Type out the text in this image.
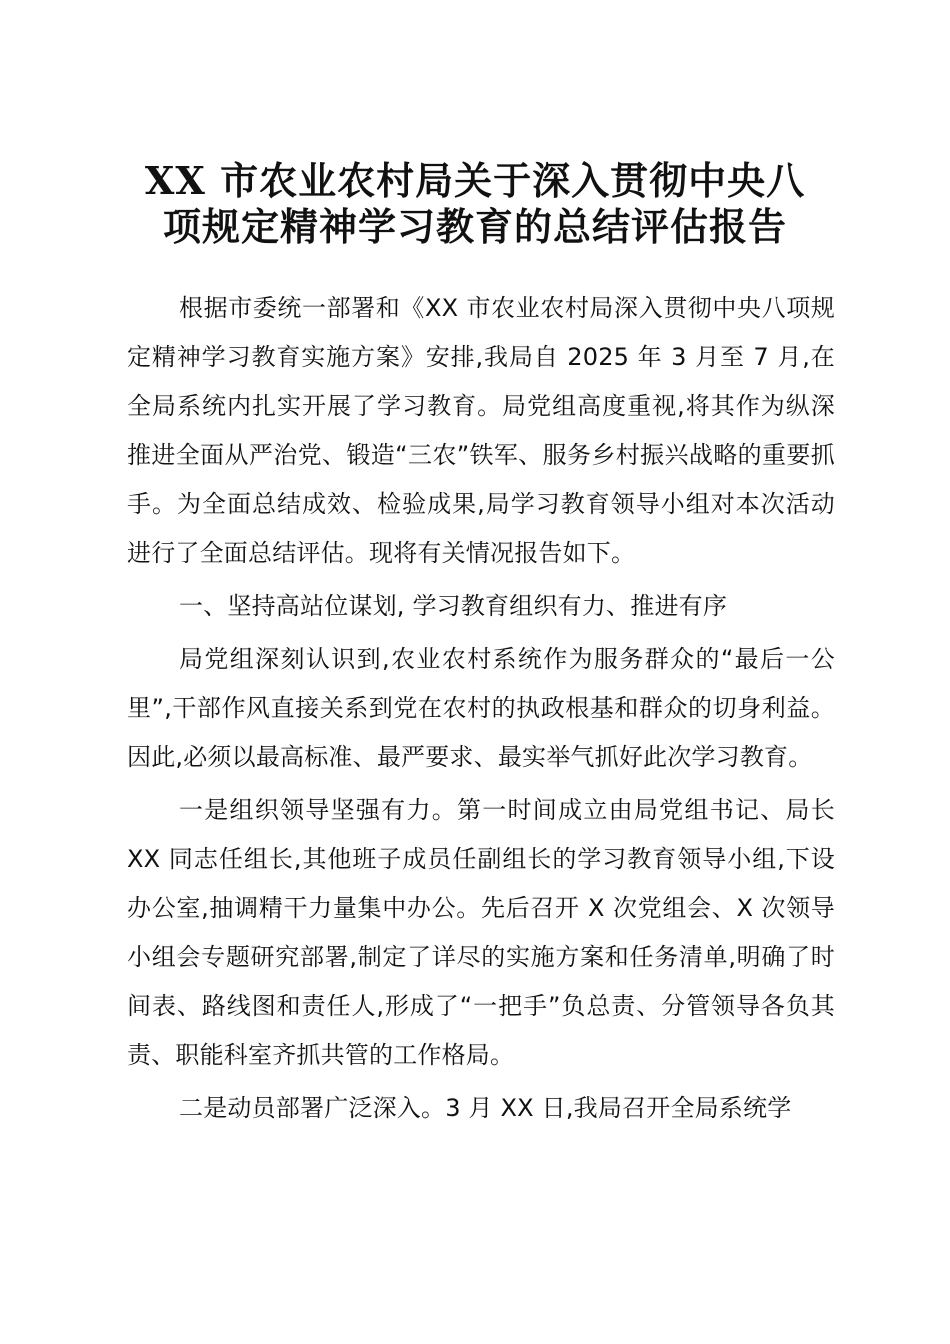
XX 市农业农村局关于深入贯彻中央八
项规定精神学习教育的总结评估报告

根据市委统一部署和《XX 市农业农村局深入贯彻中央八项规定精神学习教育实施方案》安排,我局自 2025 年 3 月至 7 月,在全局系统内扎实开展了学习教育。局党组高度重视,将其作为纵深推进全面从严治党、锻造“三农”铁军、服务乡村振兴战略的重要抓手。为全面总结成效、检验成果,局学习教育领导小组对本次活动进行了全面总结评估。现将有关情况报告如下。

一、坚持高站位谋划, 学习教育组织有力、推进有序

局党组深刻认识到,农业农村系统作为服务群众的“最后一公里”,干部作风直接关系到党在农村的执政根基和群众的切身利益。因此,必须以最高标准、最严要求、最实举气抓好此次学习教育。

一是组织领导坚强有力。第一时间成立由局党组书记、局长 XX 同志任组长,其他班子成员任副组长的学习教育领导小组,下设办公室,抽调精干力量集中办公。先后召开 X 次党组会、X 次领导小组会专题研究部署,制定了详尽的实施方案和任务清单,明确了时间表、路线图和责任人,形成了“一把手”负总责、分管领导各负其责、职能科室齐抓共管的工作格局。

二是动员部署广泛深入。3 月 XX 日,我局召开全局系统学
